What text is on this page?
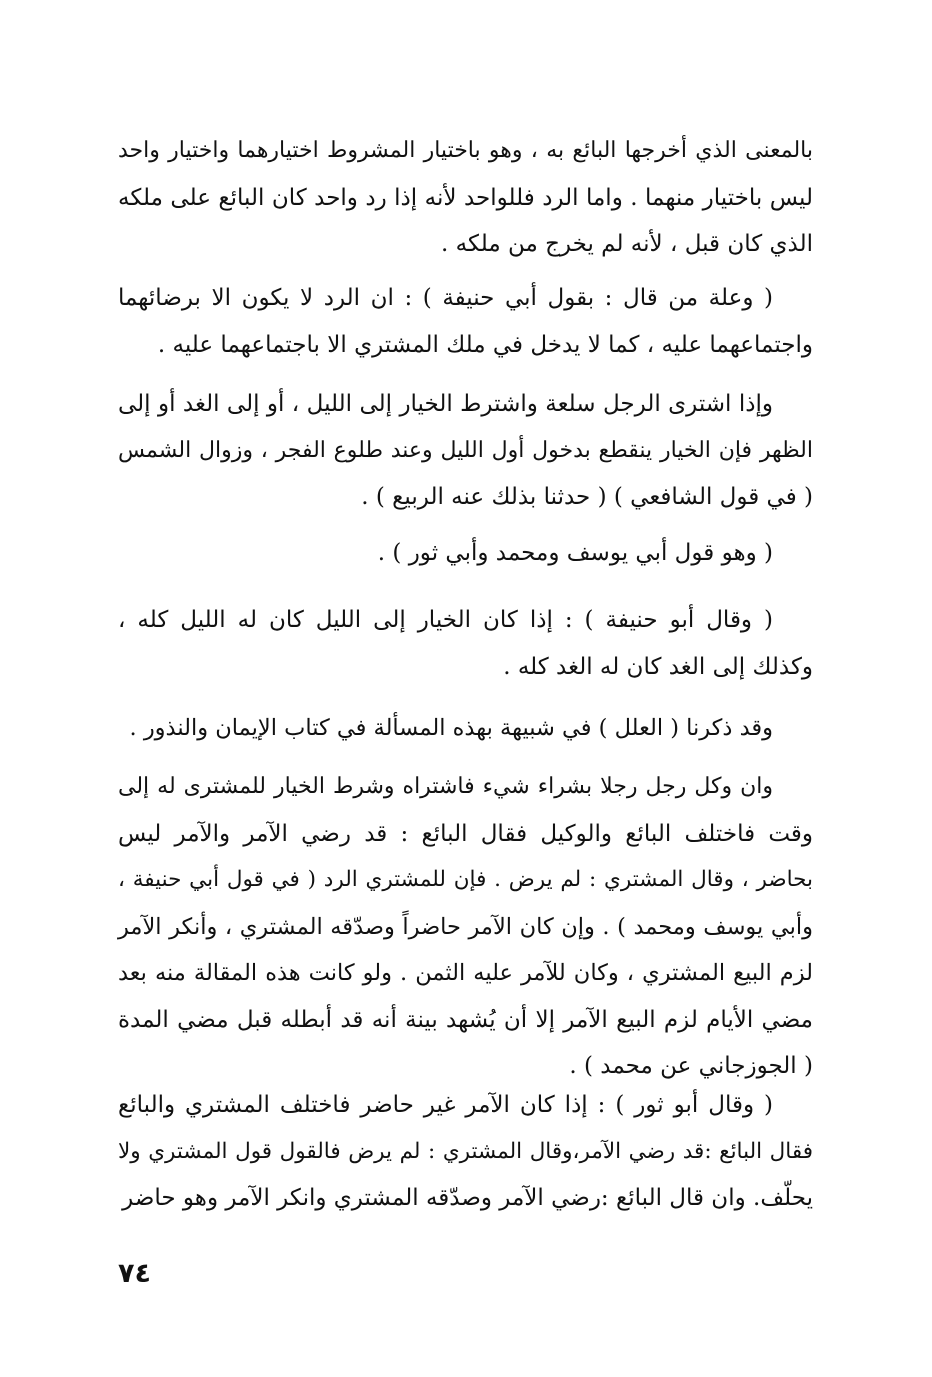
بالمعنى الذي أخرجها البائع به ، وهو باختيار المشروط اختيارهما واختيار واحد
ليس باختيار منهما . واما الرد فللواحد لأنه إذا رد واحد كان البائع على ملكه
الذي كان قبل ، لأنه لم يخرج من ملكه .
( وعلة من قال : بقول أبي حنيفة ) : ان الرد لا يكون الا برضائهما
واجتماعهما عليه ، كما لا يدخل في ملك المشتري الا باجتماعهما عليه .
وإذا اشترى الرجل سلعة واشترط الخيار إلى الليل ، أو إلى الغد أو إلى
الظهر فإن الخيار ينقطع بدخول أول الليل وعند طلوع الفجر ، وزوال الشمس
( في قول الشافعي ) ( حدثنا بذلك عنه الربيع ) .
( وهو قول أبي يوسف ومحمد وأبي ثور ) .
( وقال أبو حنيفة ) : إذا كان الخيار إلى الليل كان له الليل كله ،
وكذلك إلى الغد كان له الغد كله .
وقد ذكرنا ( العلل ) في شبيهة بهذه المسألة في كتاب الإيمان والنذور .
وان وكل رجل رجلا بشراء شيء فاشتراه وشرط الخيار للمشترى له إلى
وقت فاختلف البائع والوكيل فقال البائع : قد رضي الآمر والآمر ليس
بحاضر ، وقال المشتري : لم يرض . فإن للمشتري الرد ( في قول أبي حنيفة ،
وأبي يوسف ومحمد ) . وإن كان الآمر حاضراً وصدّقه المشتري ، وأنكر الآمر
لزم البيع المشتري ، وكان للآمر عليه الثمن . ولو كانت هذه المقالة منه بعد
مضي الأيام لزم البيع الآمر إلا أن يُشهد بينة أنه قد أبطله قبل مضي المدة
( الجوزجاني عن محمد ) .
( وقال أبو ثور ) : إذا كان الآمر غير حاضر فاختلف المشتري والبائع
فقال البائع :قد رضي الآمر،وقال المشتري : لم يرض فالقول قول المشتري ولا
يحلّف. وان قال البائع :رضي الآمر وصدّقه المشتري وانكر الآمر وهو حاضر
٧٤
